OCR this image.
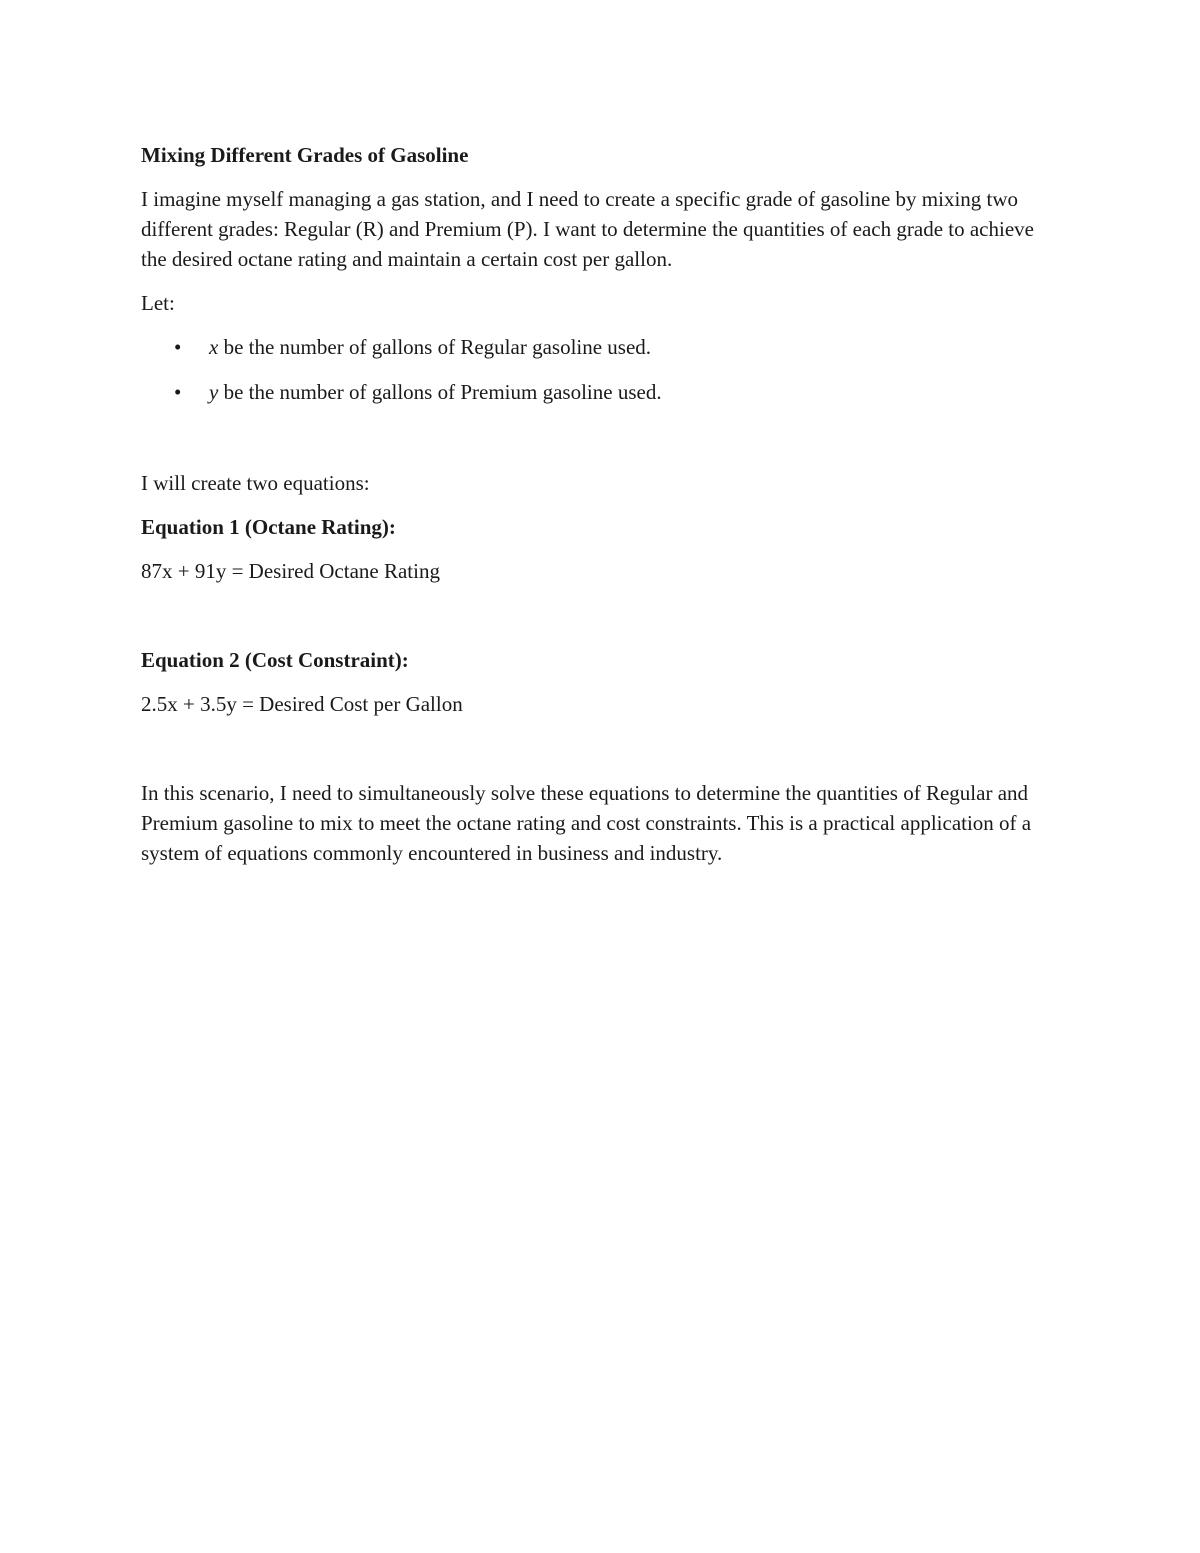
Mixing Different Grades of Gasoline
I imagine myself managing a gas station, and I need to create a specific grade of gasoline by mixing two different grades: Regular (R) and Premium (P). I want to determine the quantities of each grade to achieve the desired octane rating and maintain a certain cost per gallon.
Let:
• x be the number of gallons of Regular gasoline used.
• y be the number of gallons of Premium gasoline used.
I will create two equations:
Equation 1 (Octane Rating):
87x + 91y = Desired Octane Rating
Equation 2 (Cost Constraint):
2.5x + 3.5y = Desired Cost per Gallon
In this scenario, I need to simultaneously solve these equations to determine the quantities of Regular and Premium gasoline to mix to meet the octane rating and cost constraints. This is a practical application of a system of equations commonly encountered in business and industry.
